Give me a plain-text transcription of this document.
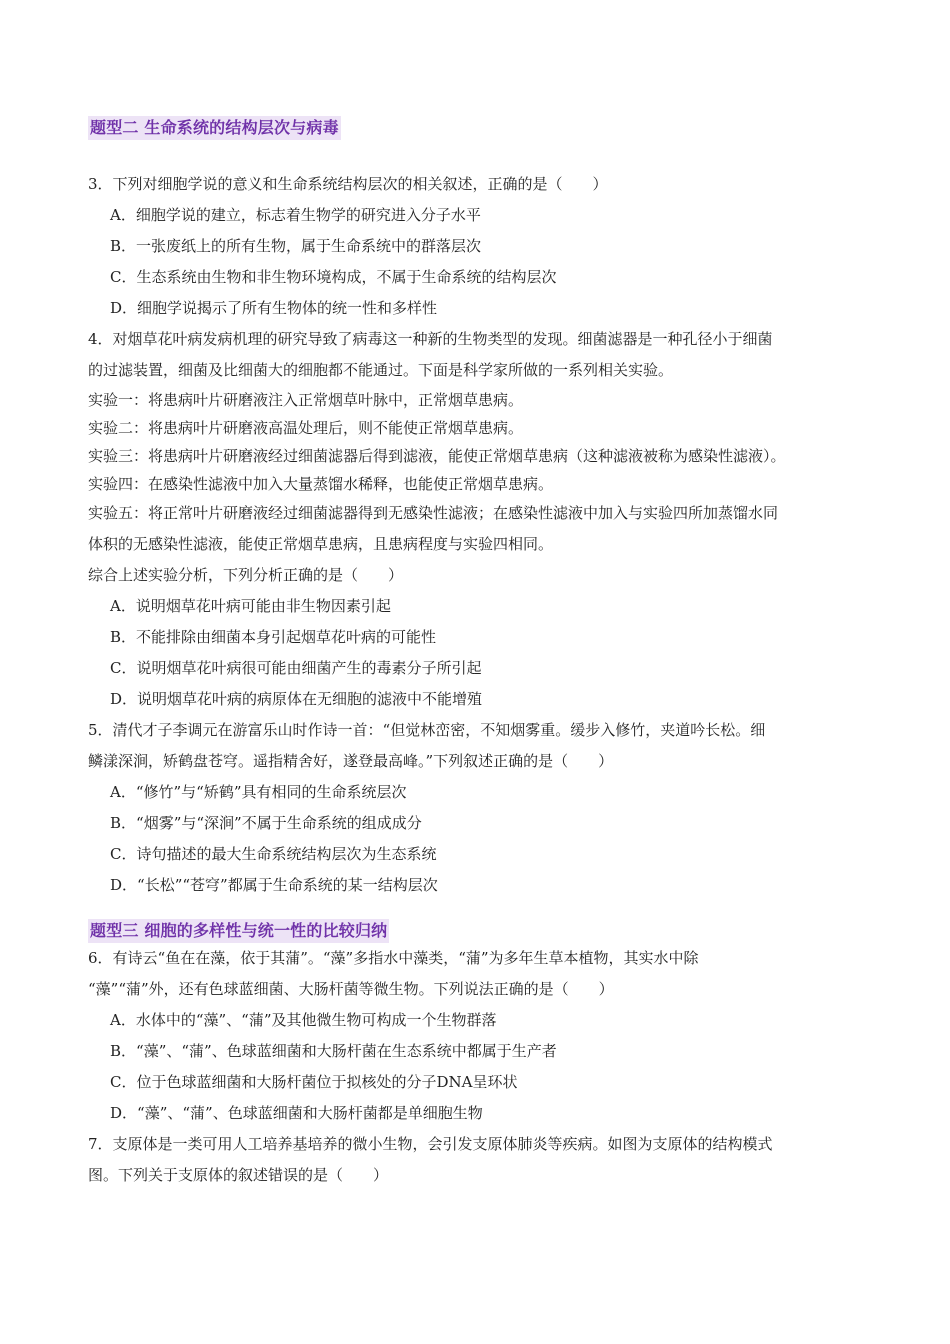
题型二 生命系统的结构层次与病毒

3．下列对细胞学说的意义和生命系统结构层次的相关叙述，正确的是（　　）

A．细胞学说的建立，标志着生物学的研究进入分子水平

B．一张废纸上的所有生物，属于生命系统中的群落层次

C．生态系统由生物和非生物环境构成，不属于生命系统的结构层次

D．细胞学说揭示了所有生物体的统一性和多样性

4．对烟草花叶病发病机理的研究导致了病毒这一种新的生物类型的发现。细菌滤器是一种孔径小于细菌

的过滤装置，细菌及比细菌大的细胞都不能通过。下面是科学家所做的一系列相关实验。

实验一：将患病叶片研磨液注入正常烟草叶脉中，正常烟草患病。

实验二：将患病叶片研磨液高温处理后，则不能使正常烟草患病。

实验三：将患病叶片研磨液经过细菌滤器后得到滤液，能使正常烟草患病（这种滤液被称为感染性滤液）。

实验四：在感染性滤液中加入大量蒸馏水稀释，也能使正常烟草患病。

实验五：将正常叶片研磨液经过细菌滤器得到无感染性滤液；在感染性滤液中加入与实验四所加蒸馏水同

体积的无感染性滤液，能使正常烟草患病，且患病程度与实验四相同。

综合上述实验分析，下列分析正确的是（　　）

A．说明烟草花叶病可能由非生物因素引起

B．不能排除由细菌本身引起烟草花叶病的可能性

C．说明烟草花叶病很可能由细菌产生的毒素分子所引起

D．说明烟草花叶病的病原体在无细胞的滤液中不能增殖

5．清代才子李调元在游富乐山时作诗一首：“但觉林峦密，不知烟雾重。缓步入修竹，夹道吟长松。细

鳞漾深涧，矫鹤盘苍穹。遥指精舍好，遂登最高峰。”下列叙述正确的是（　　）

A．“修竹”与“矫鹤”具有相同的生命系统层次

B．“烟雾”与“深涧”不属于生命系统的组成成分

C．诗句描述的最大生命系统结构层次为生态系统

D．“长松”“苍穹”都属于生命系统的某一结构层次

题型三 细胞的多样性与统一性的比较归纳

6．有诗云“鱼在在藻，依于其蒲”。“藻”多指水中藻类，“蒲”为多年生草本植物，其实水中除

“藻”“蒲”外，还有色球蓝细菌、大肠杆菌等微生物。下列说法正确的是（　　）

A．水体中的“藻”、“蒲”及其他微生物可构成一个生物群落

B．“藻”、“蒲”、色球蓝细菌和大肠杆菌在生态系统中都属于生产者

C．位于色球蓝细菌和大肠杆菌位于拟核处的分子DNA呈环状

D．“藻”、“蒲”、色球蓝细菌和大肠杆菌都是单细胞生物

7．支原体是一类可用人工培养基培养的微小生物，会引发支原体肺炎等疾病。如图为支原体的结构模式

图。下列关于支原体的叙述错误的是（　　）
